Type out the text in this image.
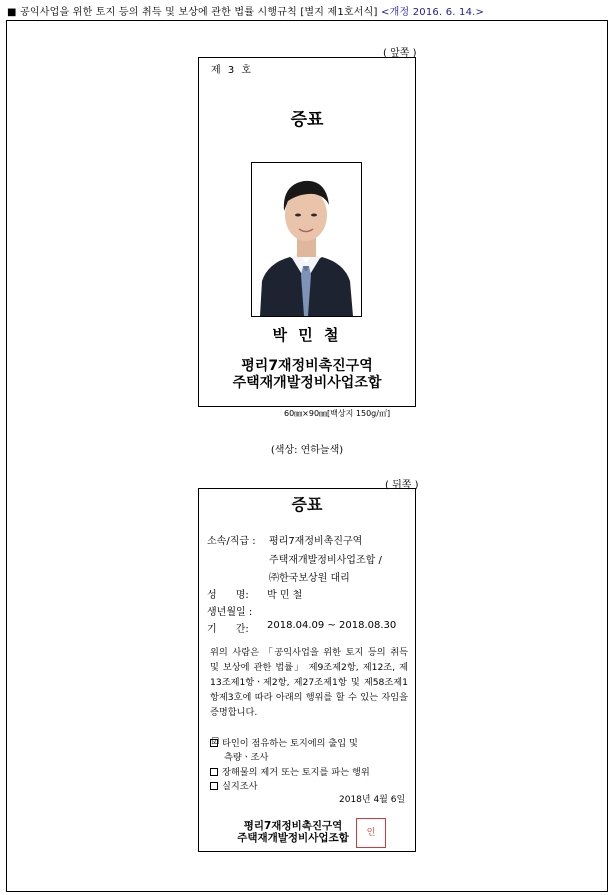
■ 공익사업을 위한 토지 등의 취득 및 보상에 관한 법률 시행규칙 [별지 제1호서식] <개정 2016. 6. 14.>
( 앞쪽 )
제 3 호
증표
박 민 철
평리7재정비촉진구역
주택재개발정비사업조합
60㎜×90㎜[백상지 150g/㎡]
(색상: 연하늘색)
( 뒤쪽 )
증표
소속/직급 : 평리7재정비촉진구역
주택재개발정비사업조합 /
㈜한국보상원 대리
성      명: 박 민 철
생년월일 :
기      간: 2018.04.09 ~ 2018.08.30
위의 사람은 「공익사업을 위한 토지 등의 취득 및 보상에 관한 법률」 제9조제2항, 제12조, 제13조제1항ㆍ제2항, 제27조제1항 및 제58조제1항제3호에 따라 아래의 행위를 할 수 있는 자임을 증명합니다.
☑ 타인이 점유하는 토지에의 출입 및
측량ㆍ조사
장해물의 제거 또는 토지를 파는 행위
실지조사
2018년 4월 6일
평리7재정비촉진구역
주택재개발정비사업조합	인
